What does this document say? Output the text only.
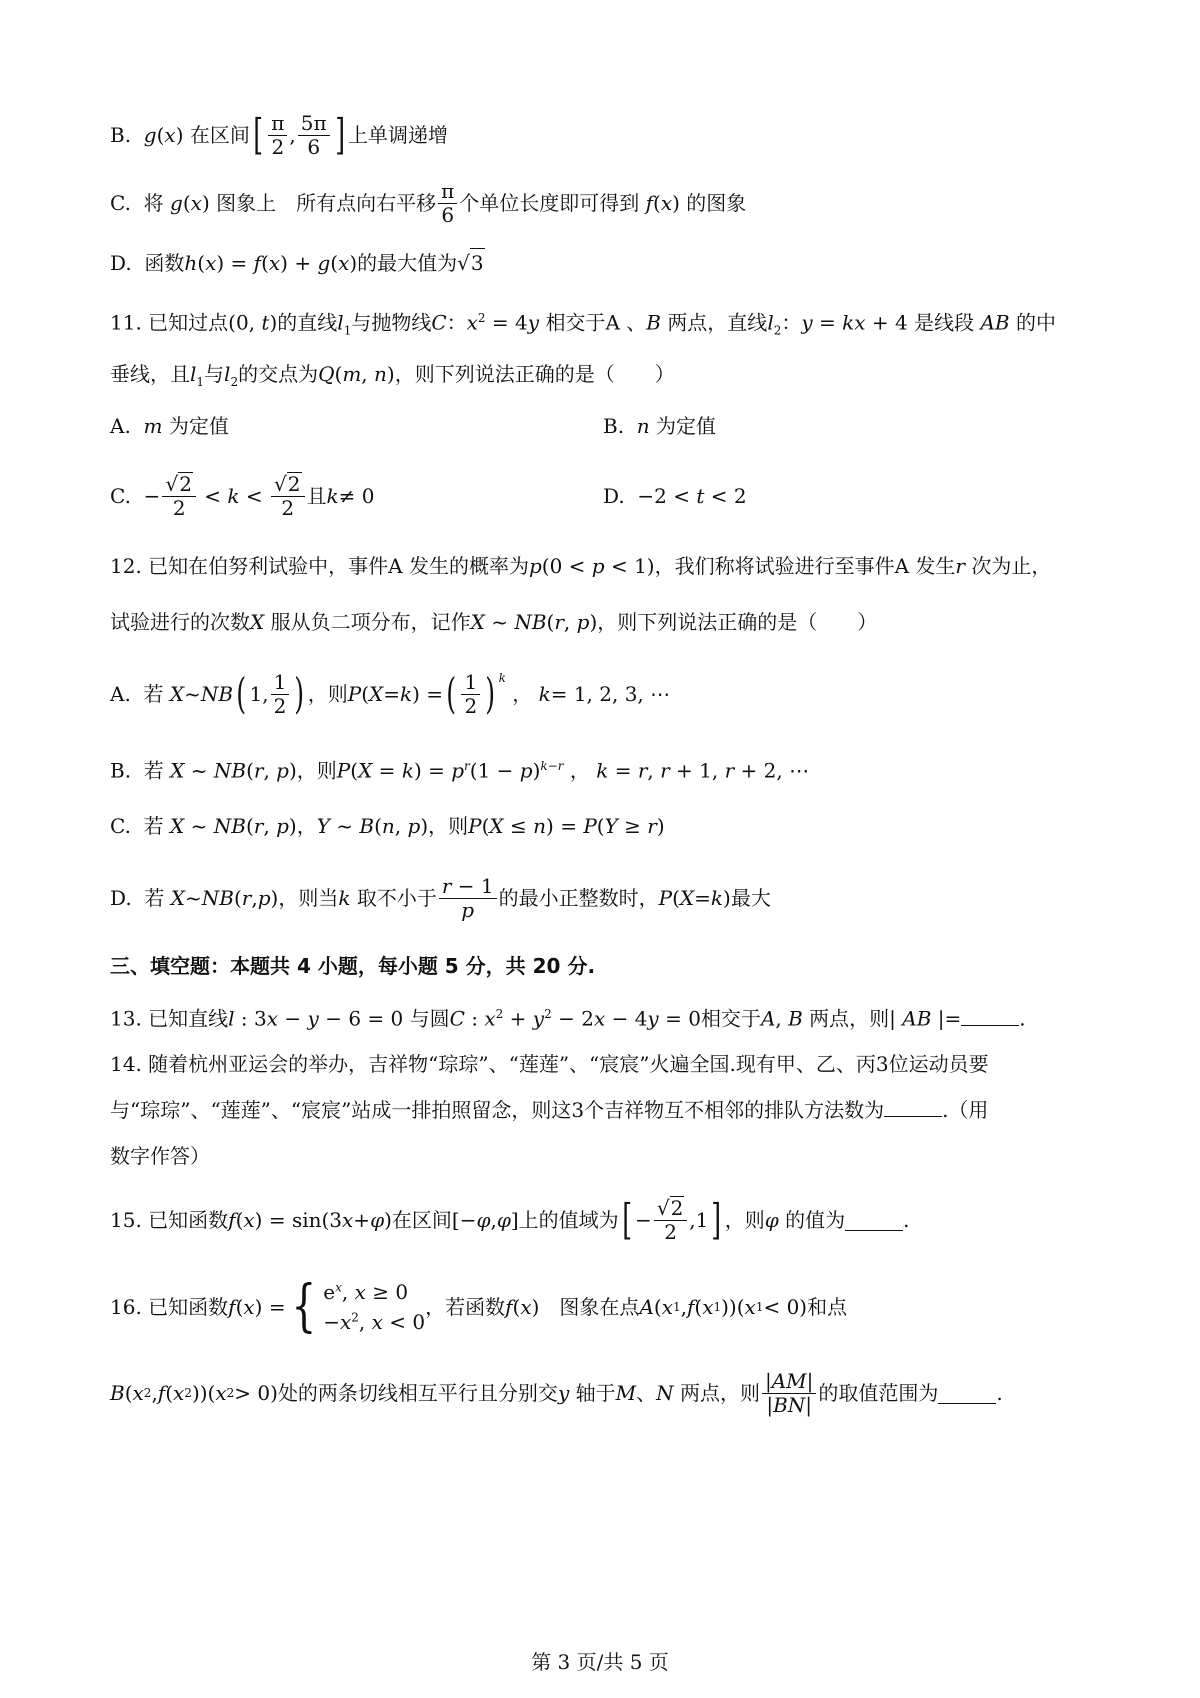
B.
g ( x ) 在区间 [ $\frac{\pi}{2}$ , $\frac{5\pi}{6}$ ] 上单调递增
C.
将
g ( x ) 图象上　所有点向右平移 $\frac{\pi}{6}$ 个单位长度即可得到
f ( x ) 的图象
D. 函数h(x) = f(x) + g(x)的最大值为√3
11. 已知过点(0, t)的直线$l_1$与抛物线C：$x^2 = 4y$ 相交于A 、B 两点，直线$l_2$：y = kx + 4 是线段 AB 的中
垂线，且$l_1$与$l_2$的交点为Q(m, n)，则下列说法正确的是（　　）
A. m 为定值	B. n 为定值
C. − $\frac{√2}{2} < k < \frac{√2}{2}$ 且 k ≠ 0	D.  −2 < t < 2
12. 已知在伯努利试验中，事件A 发生的概率为p(0 < p < 1)，我们称将试验进行至事件A 发生r 次为止，
试验进行的次数X 服从负二项分布，记作X ~ NB(r, p)，则下列说法正确的是（　　）
A.
若
X ~ NB ( 1, $\frac{1}{2}$ ) ，则 P ( X = k ) = ( $\frac{1}{2}$ ) $^k$
， k = 1, 2, 3, ⋯
B. 若 X ~ NB(r, p)，则$P(X = k) = p^r(1 - p)^{k-r}$ ， k = r, r + 1, r + 2, ⋯
C. 若 X ~ NB(r, p)，Y ~ B(n, p)，则P(X ≤ n) = P(Y ≥ r)
D.
若
X ~ NB ( r , p ) ，则当 k
取不小于 $\frac{r - 1}{p}$ 的最小正整数时， P ( X = k ) 最大
三、填空题：本题共 4 小题，每小题 5 分，共 20 分.
13. 已知直线l : 3x − y − 6 = 0 与圆C : $x^2 + y^2 - 2x - 4y = 0$相交于A, B 两点，则| AB |=	.
14. 随着杭州亚运会的举办，吉祥物“琮琮”、“莲莲”、“宸宸”火遍全国.现有甲、乙、丙3位运动员要
与“琮琮”、“莲莲”、“宸宸”站成一排拍照留念，则这3个吉祥物互不相邻的排队方法数为	.（用
数字作答）
15.
已知函数 f ( x ) = sin(3 x + φ ) 在区间 [− φ , φ ] 上的值域为 [ − $\frac{√2}{2} ,1$ ] ，则 φ
的值为	.
16.
已知函数 f ( x ) = { $e^x$, x ≥ 0
$-x^2$, x < 0
，若函数 f ( x ) 　图象在点 A ( x 1 , f ( x 1 ))( x 1 < 0) 和点
B ( x 2 , f ( x 2 ))( x 2 > 0) 处的两条切线相互平行且分别交 y
轴于 M 、 N
两点，则 $\frac{|AM|}{|BN|}$ 的取值范围为	.
第 3 页/共 5 页
